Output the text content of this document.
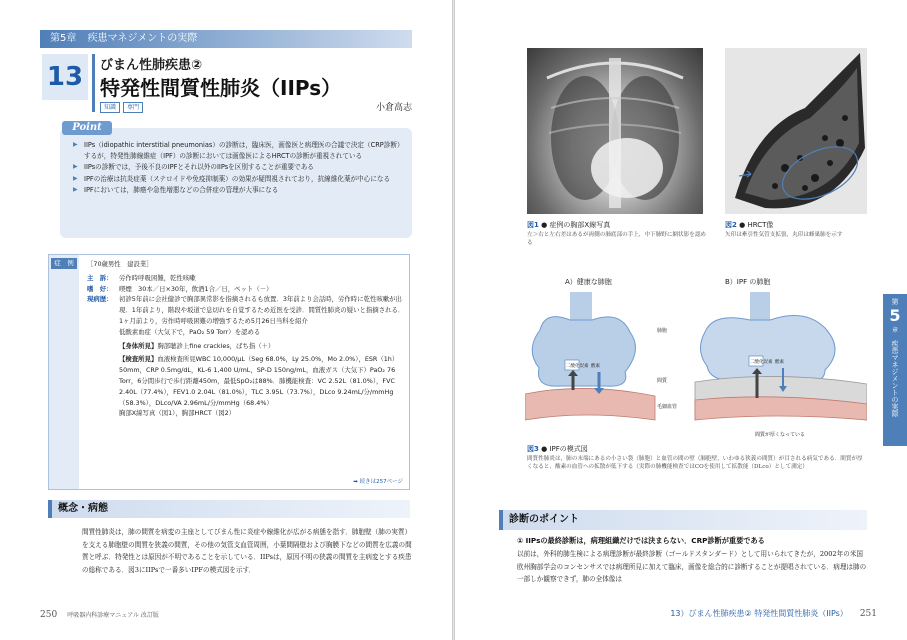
第5章 疾患マネジメントの実際
13	びまん性肺疾患②
特発性間質性肺炎（IIPs）
知識	専門	小倉高志
▶ IIPs（idiopathic interstitial pneumonias）の診断は，臨床医，画像医と病理医の合議で決定（CRP診断）するが，特発性肺線維症（IPF）の診断においては画像医によるHRCTの診断が重視されている
▶ IIPsの診断では，予後不良のIPFとそれ以外のIIPsを区別することが重要である
▶ IPFの治療は抗炎症薬（ステロイドや免疫抑制薬）の効果が疑問視されており，抗線維化薬が中心になる
▶ IPFにおいては，肺癌や急性増悪などの合併症の管理が大事になる
Point
症　例	［70歳男性　建設業］
主　訴：	労作時呼吸困難，乾性咳嗽
嗜　好：	喫煙　30本／日×30年，飲酒1合／日，ペット（－）
現病歴：	初診5年前に会社健診で胸部異常影を指摘されるも放置．3年前より会話時，労作時に乾性咳嗽が出現．1年前より，階段や坂道で息切れを自覚するため近医を受診．間質性肺炎の疑いと指摘される．1ヶ月前より，労作時呼吸困難の増強するため5月26日当科を紹介
低酸素血症（大気下で，PaO₂ 59 Torr）を認める
【身体所見】胸部聴診上fine crackles，ばち指（＋）
【検査所見】血液検査所見WBC 10,000/μL（Seg 68.0%，Ly 25.0%，Mo 2.0%），ESR（1h）50mm，CRP 0.5mg/dL，KL-6 1,400 U/mL，SP-D 150ng/mL，血液ガス（大気下）PaO₂ 76 Torr，6分間歩行で歩行距離450m，最低SpO₂は88%．肺機能検査：VC 2.52L（81.0%），FVC 2.40L（77.4%），FEV1.0 2.04L（81.0%），TLC 3.95L（73.7%），DLco 9.24mL/分/mmHg（58.3%），DLco/VA 2.96mL/分/mmHg（68.4%）
胸部X線写真（図1），胸部HRCT（図2）
➡ 続きは257ページ
概念・病態
間質性肺炎は，肺の間質を病変の主座としてびまん性に炎症や線維化が広がる病態を指す．肺胞壁（肺の実質）を支える肺胞壁の間質を狭義の間質，その他の気管支血管周囲，小葉間隔壁および胸膜下などの間質を広義の間質と呼ぶ．特発性とは原因が不明であることを示している．IIPsは，原因不明の狭義の間質を主病変とする疾患の総称である．図3にIIPsで一番多いIPFの模式図を示す．
250 呼吸器内科診療マニュアル 改訂版
図1 ● 症例の胸部X線写真
左＞右と左右差はあるが両側の肺底部の手上，中下肺野に網状影を認める
図2 ● HRCT像
矢印は牽引性気管支拡張，丸印は蜂巣肺を示す
A）健康な肺胞	B）IPF の肺胞
二酸化炭素 酸素
肺胞
間質
毛細血管
二酸化炭素 酸素
間質が厚くなっている
図3 ● IPFの模式図
間質性肺炎は，肺の末端にあるの小さい袋（肺胞）と血管の間の壁（肺胞壁，いわゆる狭義の間質）が目される病気である．間質が厚くなると，酸素の血管への拡散が低下する（実際の肺機能検査ではCOを使用して拡散能（DLco）として測定）
第
5
章
疾患マネジメントの実際
診断のポイント
① IIPsの最終診断は，病理組織だけでは決まらない．CRP診断が重要である
以前は，外科的肺生検による病理診断が最終診断（ゴールドスタンダード）として用いられてきたが，2002年の米国欧州胸部学会のコンセンサスでは病理所見に加えて臨床，画像を総合的に診断することが提唱されている．病理は肺の一部しか観察できず，肺の全体像は
13）びまん性肺疾患② 特発性間質性肺炎（IIPs） 251
